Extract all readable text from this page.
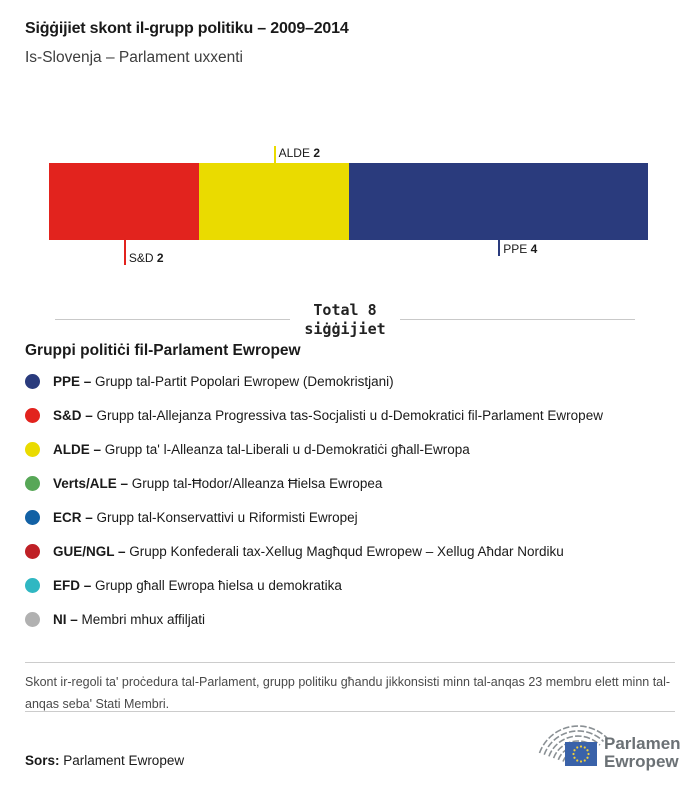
Siġġijiet skont il-grupp politiku – 2009–2014
Is-Slovenja – Parlament uxxenti
S&D 2
ALDE 2
PPE 4
Total 8
siġġijiet
Gruppi politiċi fil-Parlament Ewropew
PPE – Grupp tal-Partit Popolari Ewropew (Demokristjani)
S&D – Grupp tal-Allejanza Progressiva tas-Socjalisti u d-Demokratici fil-Parlament Ewropew
ALDE – Grupp ta' l-Alleanza tal-Liberali u d-Demokratiċi għall-Ewropa
Verts/ALE – Grupp tal-Ħodor/Alleanza Ħielsa Ewropea
ECR – Grupp tal-Konservattivi u Riformisti Ewropej
GUE/NGL – Grupp Konfederali tax-Xellug Magħqud Ewropew – Xellug Aħdar Nordiku
EFD – Grupp għall Ewropa ħielsa u demokratika
NI – Membri mhux affiljati
Skont ir-regoli ta' proċedura tal-Parlament, grupp politiku għandu jikkonsisti minn tal-anqas 23 membru elett minn tal-anqas seba' Stati Membri.
Sors: Parlament Ewropew
Parlament
Ewropew
